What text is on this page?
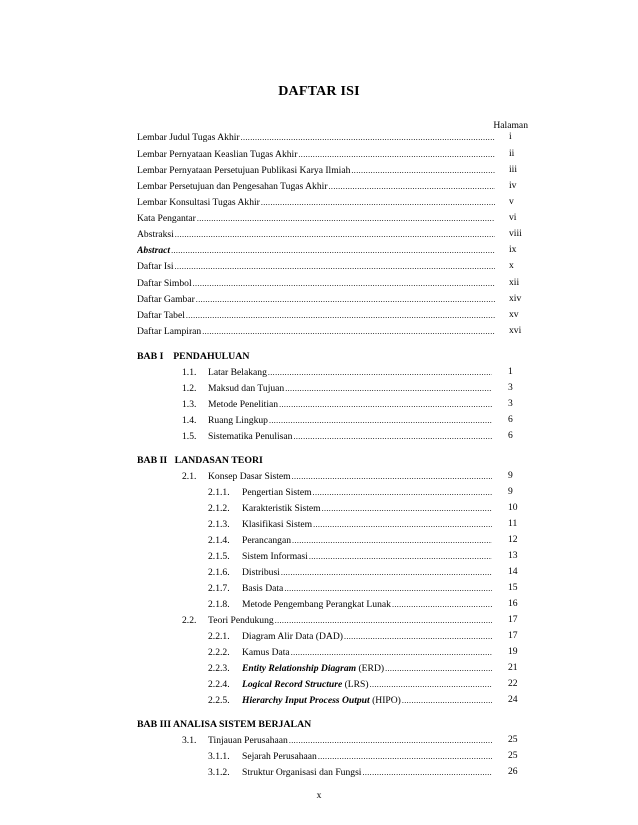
DAFTAR ISI
Halaman
Lembar Judul Tugas Akhir .....	i
Lembar Pernyataan Keaslian Tugas Akhir .....	ii
Lembar Pernyataan Persetujuan Publikasi Karya Ilmiah .....	iii
Lembar Persetujuan dan Pengesahan Tugas Akhir .....	iv
Lembar Konsultasi Tugas Akhir .....	v
Kata Pengantar .....	vi
Abstraksi .....	viii
Abstract .....	ix
Daftar Isi .....	x
Daftar Simbol .....	xii
Daftar Gambar .....	xiv
Daftar Tabel .....	xv
Daftar Lampiran .....	xvi
BAB I    PENDAHULUAN
1.1.	Latar Belakang .....	1
1.2.	Maksud dan Tujuan .....	3
1.3.	Metode Penelitian .....	3
1.4.	Ruang Lingkup .....	6
1.5.	Sistematika Penulisan .....	6
BAB II   LANDASAN TEORI
2.1.	Konsep Dasar Sistem .....	9
2.1.1.	Pengertian Sistem .....	9
2.1.2.	Karakteristik Sistem .....	10
2.1.3.	Klasifikasi Sistem .....	11
2.1.4.	Perancangan .....	12
2.1.5.	Sistem Informasi .....	13
2.1.6.	Distribusi .....	14
2.1.7.	Basis Data .....	15
2.1.8.	Metode Pengembang Perangkat Lunak .....	16
2.2.	Teori Pendukung .....	17
2.2.1.	Diagram Alir Data (DAD) .....	17
2.2.2.	Kamus Data .....	19
2.2.3.	Entity Relationship Diagram (ERD) .....	21
2.2.4.	Logical Record Structure (LRS) .....	22
2.2.5.	Hierarchy Input Process Output (HIPO) .....	24
BAB III ANALISA SISTEM BERJALAN
3.1.	Tinjauan Perusahaan .....	25
3.1.1.	Sejarah Perusahaan .....	25
3.1.2.	Struktur Organisasi dan Fungsi .....	26
x
